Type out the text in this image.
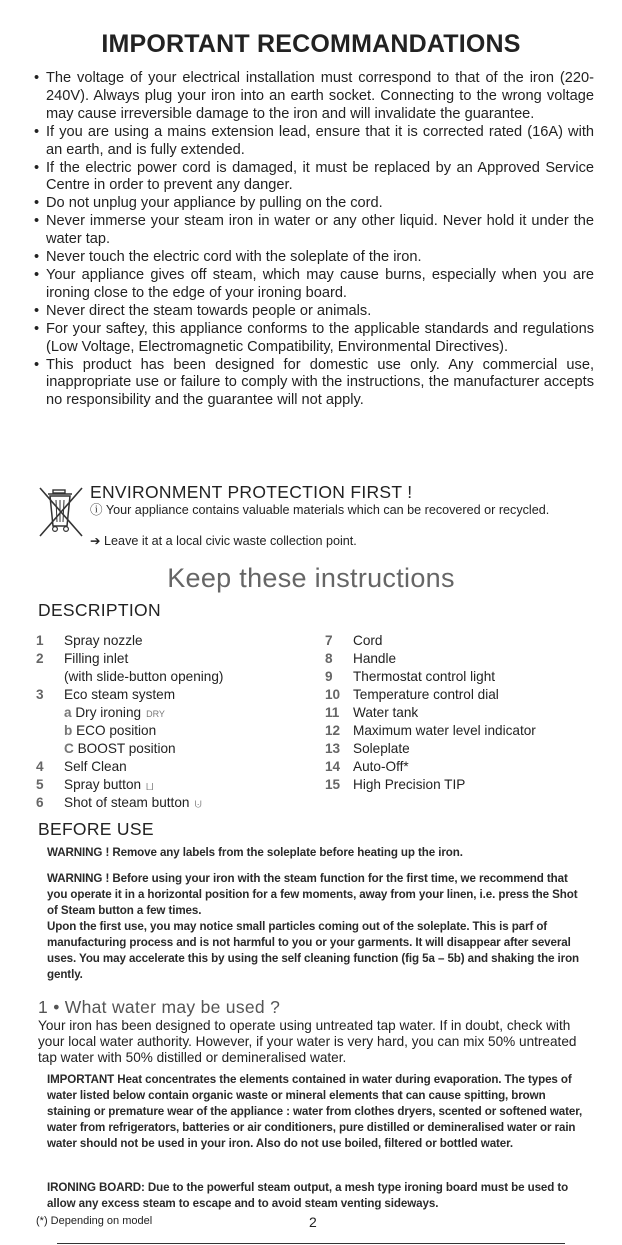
IMPORTANT RECOMMANDATIONS
• The voltage of your electrical installation must correspond to that of the iron (220-240V). Always plug your iron into an earth socket. Connecting to the wrong voltage may cause irreversible damage to the iron and will invalidate the guarantee.
• If you are using a mains extension lead, ensure that it is corrected rated (16A) with an earth, and is fully extended.
• If the electric power cord is damaged, it must be replaced by an Approved Service Centre in order to prevent any danger.
• Do not unplug your appliance by pulling on the cord.
• Never immerse your steam iron in water or any other liquid. Never hold it under the water tap.
• Never touch the electric cord with the soleplate of the iron.
• Your appliance gives off steam, which may cause burns, especially when you are ironing close to the edge of your ironing board.
• Never direct the steam towards people or animals.
• For your saftey, this appliance conforms to the applicable standards and regulations (Low Voltage, Electromagnetic Compatibility, Environmental Directives).
• This product has been designed for domestic use only. Any commercial use, inappropriate use or failure to comply with the instructions, the manufacturer accepts no responsibility and the guarantee will not apply.
ENVIRONMENT PROTECTION FIRST !

ⓘ Your appliance contains valuable materials which can be recovered or recycled.

➔ Leave it at a local civic waste collection point.

Keep these instructions
DESCRIPTION
1	Spray nozzle
2	Filling inlet
(with slide-button opening)
3	Eco steam system
a Dry ironing DRY
b ECO position
C BOOST position
4	Self Clean
5	Spray button ⨆
6	Shot of steam button ⨃
7	Cord
8	Handle
9	Thermostat control light
10 Temperature control dial
11	Water tank
12 Maximum water level indicator
13 Soleplate
14 Auto-Off*
15 High Precision TIP
BEFORE USE

WARNING ! Remove any labels from the soleplate before heating up the iron.

WARNING ! Before using your iron with the steam function for the first time, we recommend that you operate it in a horizontal position for a few moments, away from your linen, i.e. press the Shot of Steam button a few times.

Upon the first use, you may notice small particles coming out of the soleplate. This is parf of manufacturing process and is not harmful to you or your garments. It will disappear after several uses. You may accelerate this by using the self cleaning function (fig 5a – 5b) and shaking the iron gently.

1 • What water may be used ?

Your iron has been designed to operate using untreated tap water. If in doubt, check with your local water authority. However, if your water is very hard, you can mix 50% untreated tap water with 50% distilled or demineralised water.

IMPORTANT Heat concentrates the elements contained in water during evaporation. The types of water listed below contain organic waste or mineral elements that can cause spitting, brown staining or premature wear of the appliance : water from clothes dryers, scented or softened water, water from refrigerators, batteries or air conditioners, pure distilled or demineralised water or rain water should not be used in your iron. Also do not use boiled, filtered or bottled water.

IRONING BOARD: Due to the powerful steam output, a mesh type ironing board must be used to allow any excess steam to escape and to avoid steam venting sideways.

(*) Depending on model	2
